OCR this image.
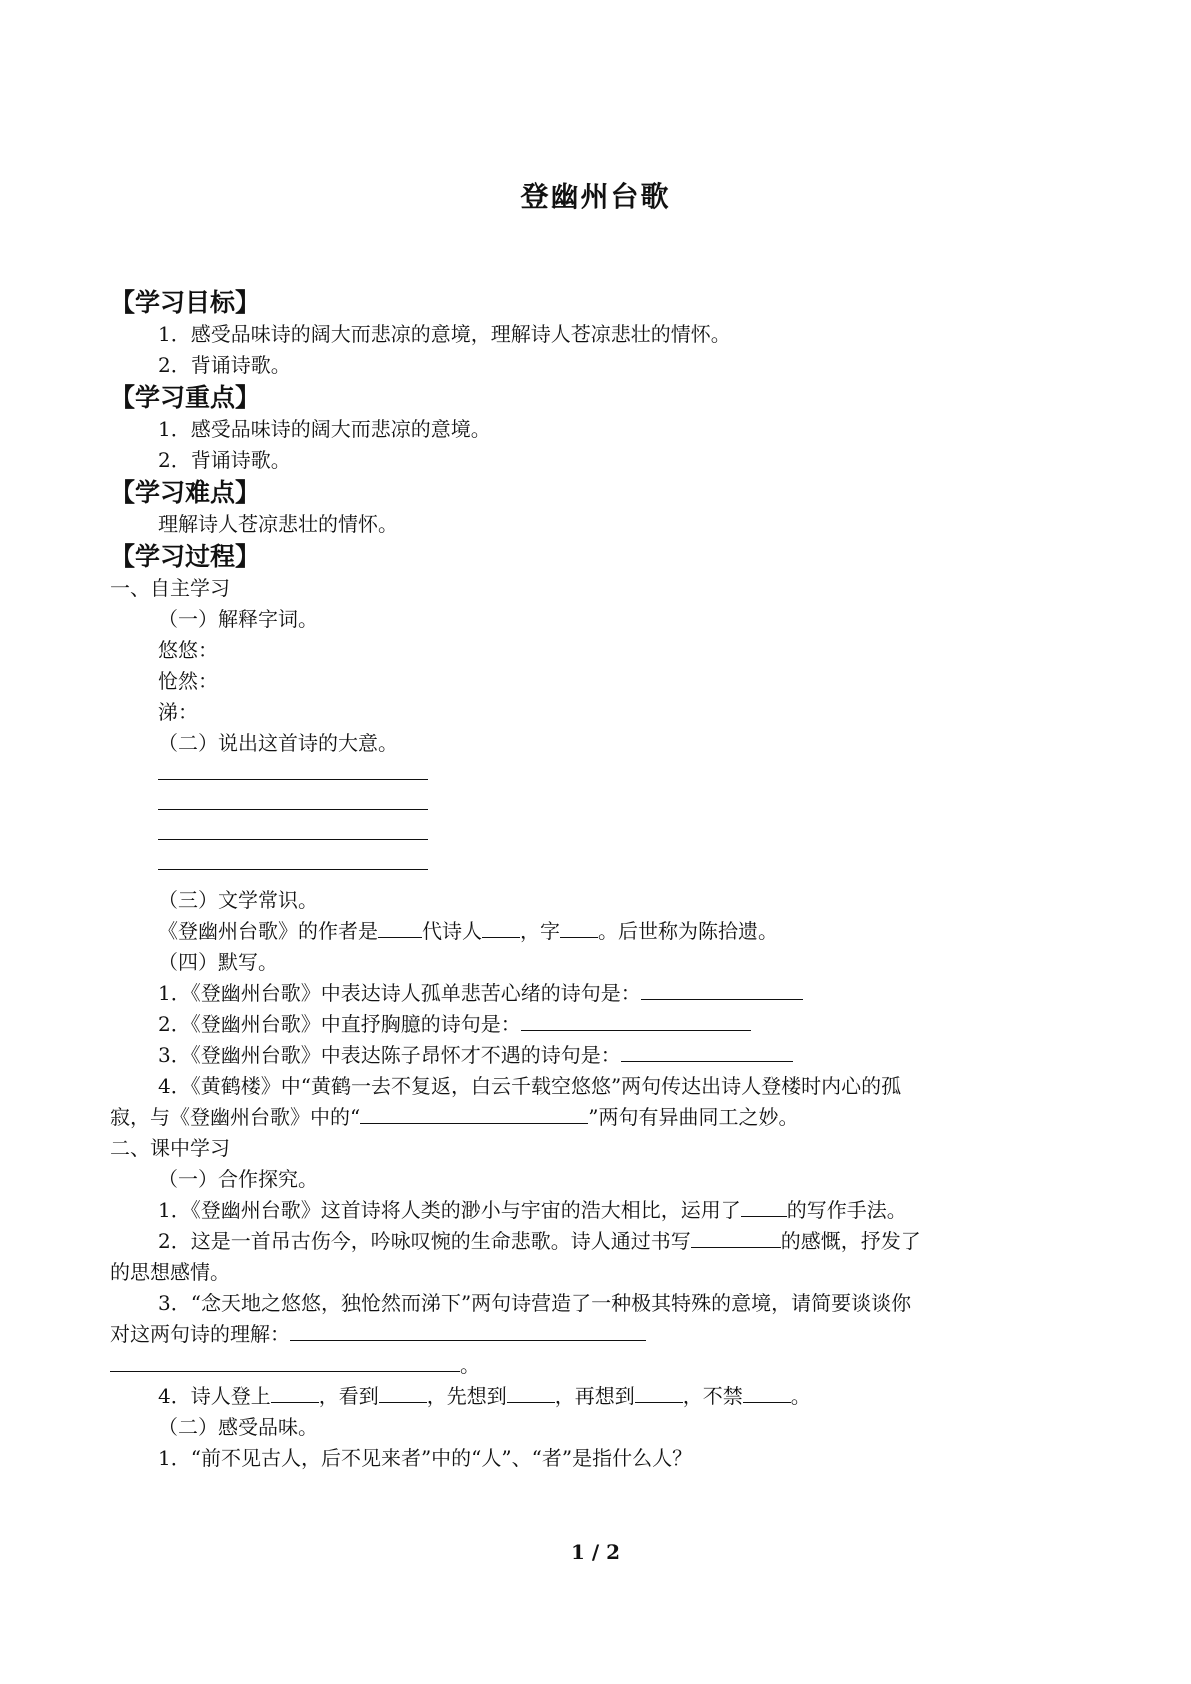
登幽州台歌
【学习目标】
1．感受品味诗的阔大而悲凉的意境，理解诗人苍凉悲壮的情怀。
2．背诵诗歌。
【学习重点】
1．感受品味诗的阔大而悲凉的意境。
2．背诵诗歌。
【学习难点】
理解诗人苍凉悲壮的情怀。
【学习过程】
一、自主学习
（一）解释字词。
悠悠：
怆然：
涕：
（二）说出这首诗的大意。
（三）文学常识。
《登幽州台歌》的作者是 代诗人 ，字 。后世称为陈拾遗。
（四）默写。
1．《登幽州台歌》中表达诗人孤单悲苦心绪的诗句是：
2．《登幽州台歌》中直抒胸臆的诗句是：
3．《登幽州台歌》中表达陈子昂怀才不遇的诗句是：
4．《黄鹤楼》中“黄鹤一去不复返，白云千载空悠悠”两句传达出诗人登楼时内心的孤
寂，与《登幽州台歌》中的“	”两句有异曲同工之妙。
二、课中学习
（一）合作探究。
1．《登幽州台歌》这首诗将人类的渺小与宇宙的浩大相比，运用了 的写作手法。
2．这是一首吊古伤今，吟咏叹惋的生命悲歌。诗人通过书写	的感慨，抒发了
的思想感情。
3．“念天地之悠悠，独怆然而涕下”两句诗营造了一种极其特殊的意境，请简要谈谈你
对这两句诗的理解：
。
4．诗人登上 ，看到 ，先想到 ，再想到 ，不禁 。
（二）感受品味。
1．“前不见古人，后不见来者”中的“人”、“者”是指什么人？
1 / 2
